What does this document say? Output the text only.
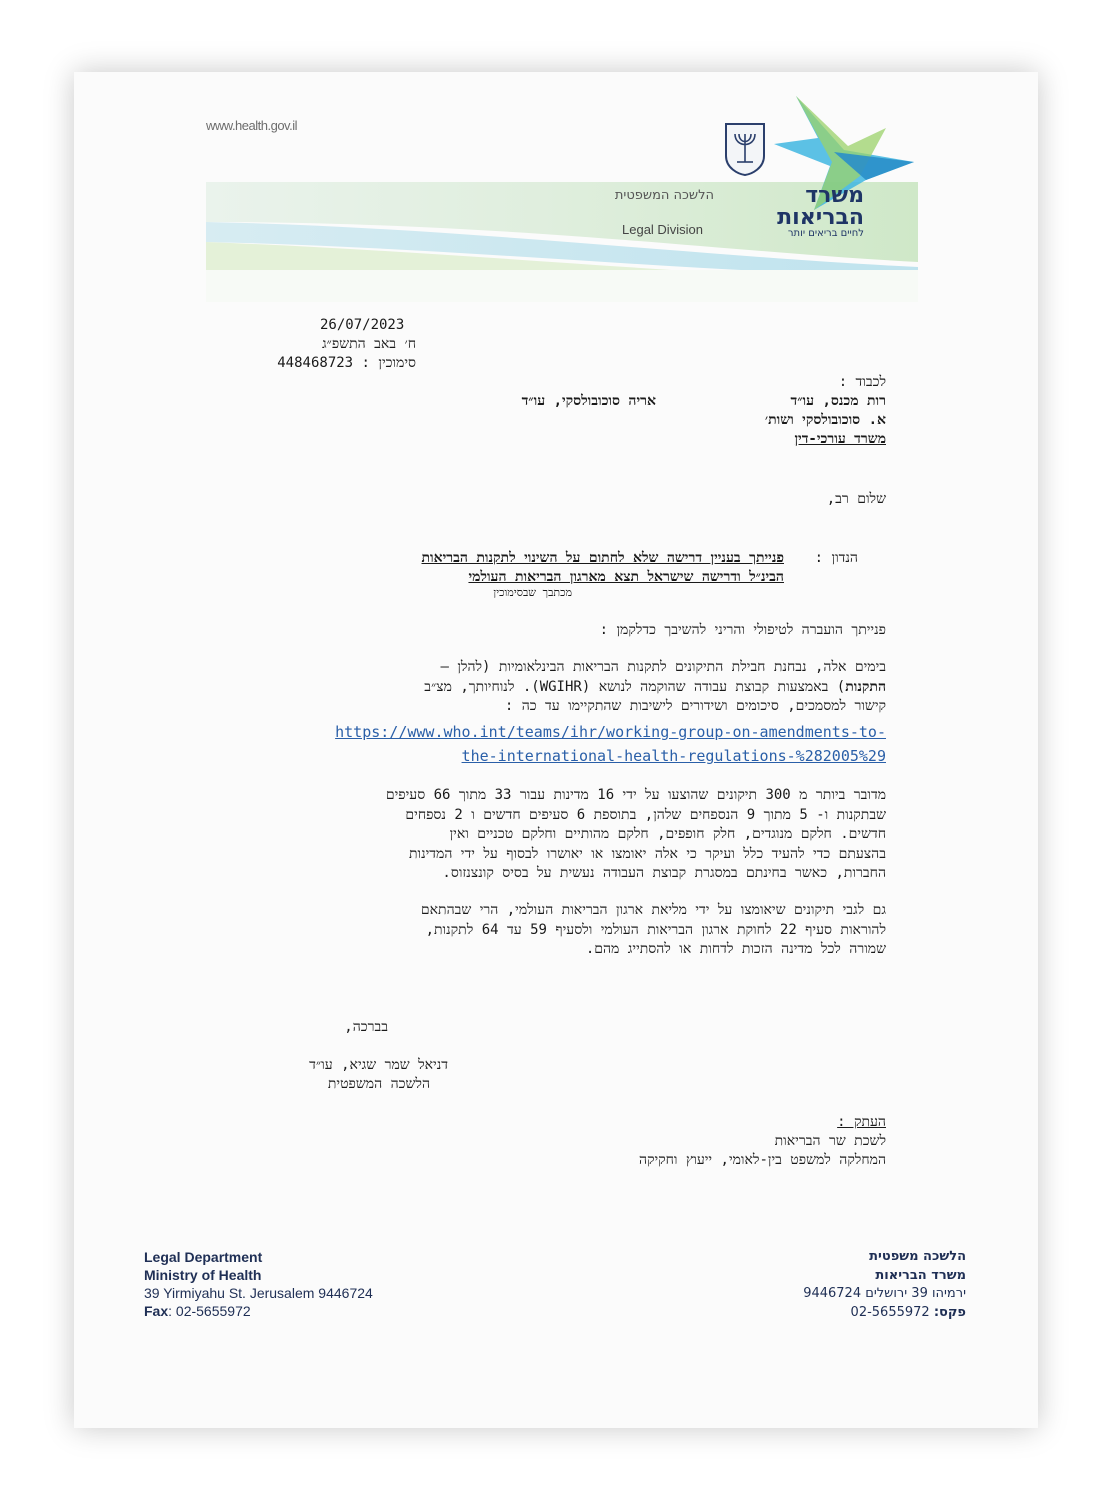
www.health.gov.il
הלשכה המשפטית
Legal Division
משרד
הבריאות
לחיים בריאים יותר
26/07/2023
ח׳ באב התשפ״ג
סימוכין : 448468723
לכבוד :
רות מכנס, עו״ד
אריה סוכובולסקי, עו״ד
א. סוכובולסקי ושות׳
משרד עורכי-דין
שלום רב,
הנדון :
פנייתך בעניין דרישה שלא לחתום על השינוי לתקנות הבריאות
הבינ״ל ודרישה שישראל תצא מארגון הבריאות העולמי
מכתבך שבסימוכין
פנייתך הועברה לטיפולי והריני להשיבך כדלקמן :
בימים אלה, נבחנת חבילת התיקונים לתקנות הבריאות הבינלאומיות (להלן –
התקנות) באמצעות קבוצת עבודה שהוקמה לנושא (WGIHR). לנוחיותך, מצ״ב
קישור למסמכים, סיכומים ושידורים לישיבות שהתקיימו עד כה :
https://www.who.int/teams/ihr/working-group-on-amendments-to-
the-international-health-regulations-%282005%29
מדובר ביותר מ 300 תיקונים שהוצעו על ידי 16 מדינות עבור 33 מתוך 66 סעיפים
שבתקנות ו- 5 מתוך 9 הנספחים שלהן, בתוספת 6 סעיפים חדשים ו 2 נספחים
חדשים. חלקם מנוגדים, חלק חופפים, חלקם מהותיים וחלקם טכניים ואין
בהצעתם כדי להעיד כלל ועיקר כי אלה יאומצו או יאושרו לבסוף על ידי המדינות
החברות, כאשר בחינתם במסגרת קבוצת העבודה נעשית על בסיס קונצנזוס.
גם לגבי תיקונים שיאומצו על ידי מליאת ארגון הבריאות העולמי, הרי שבהתאם
להוראות סעיף 22 לחוקת ארגון הבריאות העולמי ולסעיף 59 עד 64 לתקנות,
שמורה לכל מדינה הזכות לדחות או להסתייג מהם.
בברכה,
דניאל שמר שגיא, עו״ד
הלשכה המשפטית
העתק :
לשכת שר הבריאות
המחלקה למשפט בין-לאומי, ייעוץ וחקיקה
Legal Department
Ministry of Health
39 Yirmiyahu St. Jerusalem 9446724
Fax: 02-5655972
הלשכה משפטית
משרד הבריאות
ירמיהו 39 ירושלים 9446724
פקס: 02-5655972
